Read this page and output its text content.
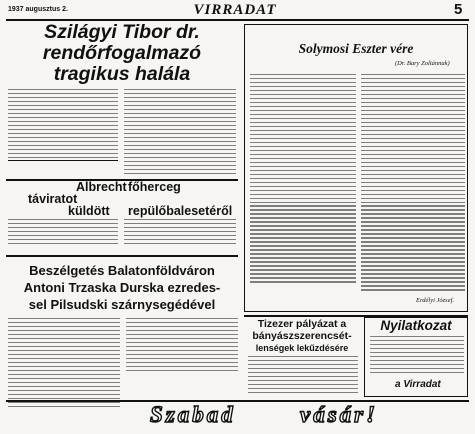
1937 augusztus 2.	VIRRADAT	5
Szilágyi Tibor dr.
rendőrfogalmazó
tragikus halála
Albrecht
táviratot
küldött
főherceg
repülőbalesetéről
Beszélgetés Balatonföldváron
Antoni Trzaska Durska ezredes-
sel Pilsudski szárnysegédével
Solymosi Eszter vére
(Dr. Bary Zoltánnak)
Erdélyi József.
Tizezer pályázat a
bányászszerencsét-
lenségek lekűzdésére
Nyilatkozat
a Virradat
Szabad	vásár!
